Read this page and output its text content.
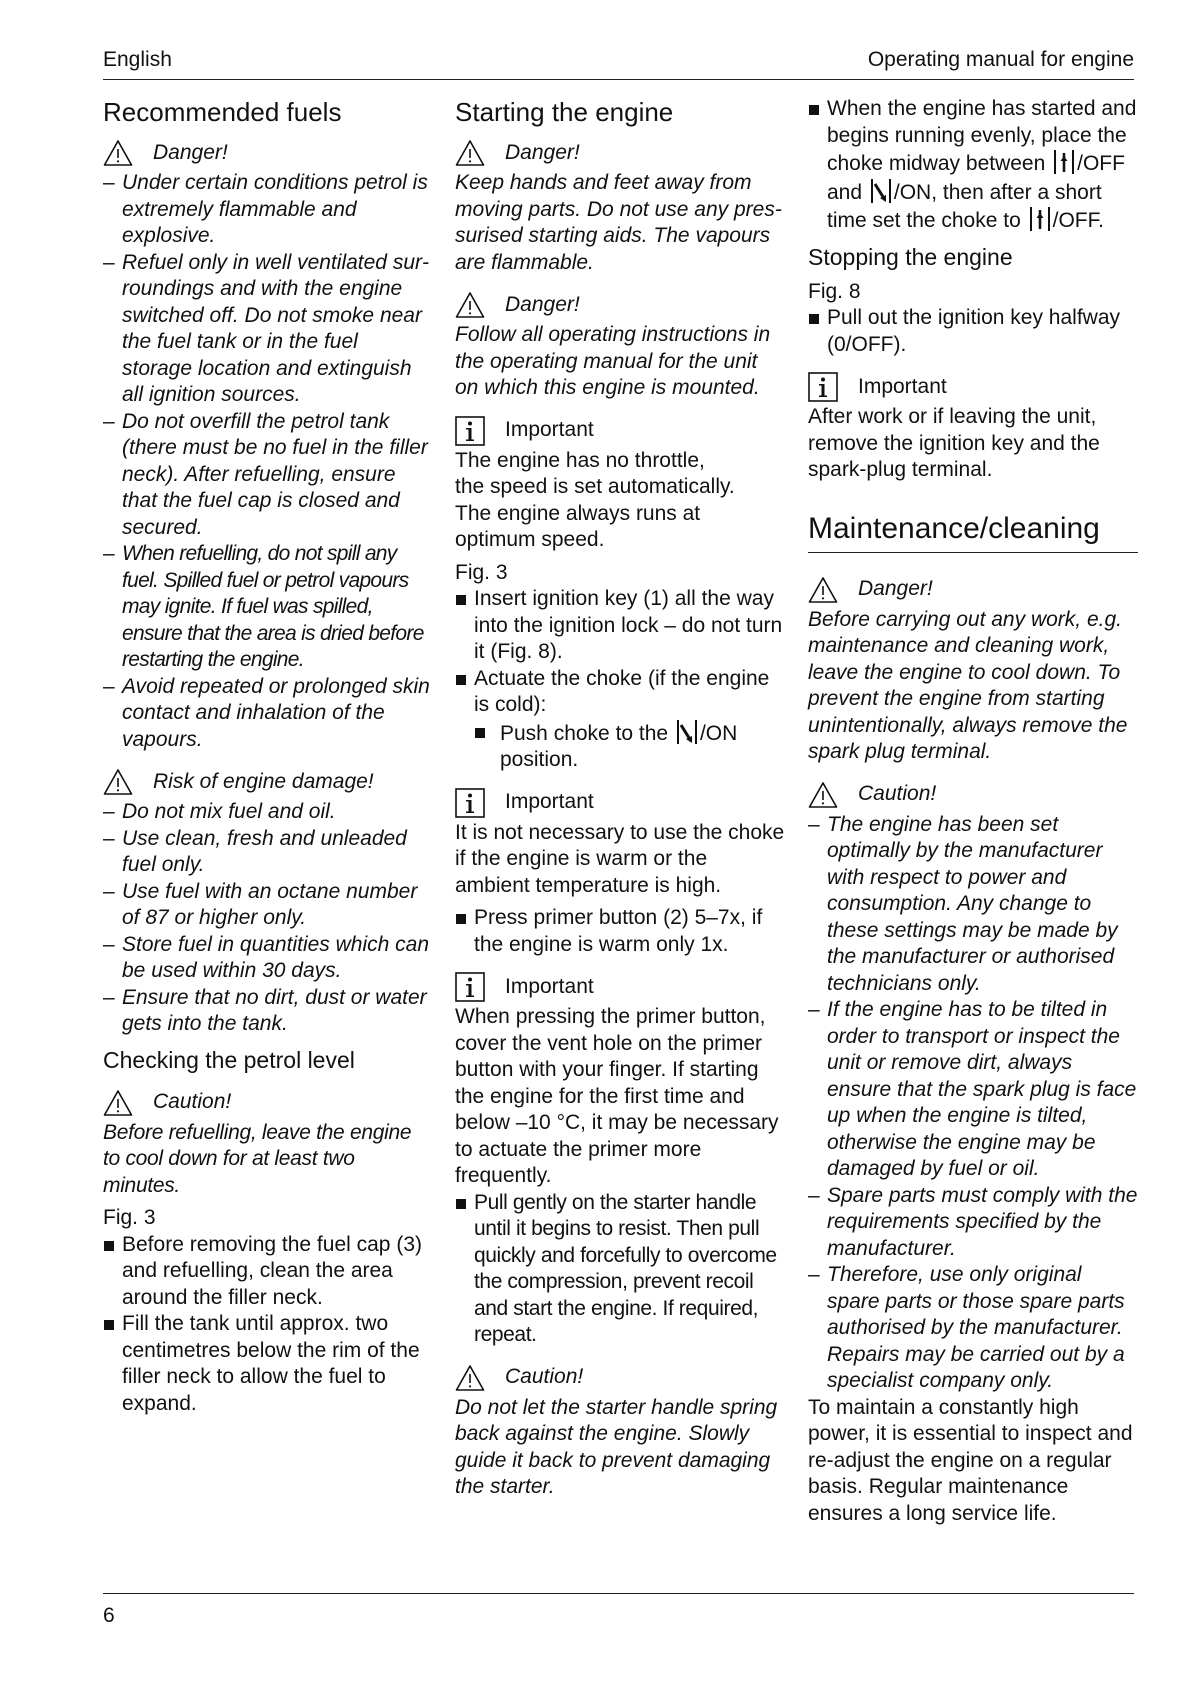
English	Operating manual for engine
Recommended fuels
Danger!
– Under certain conditions petrol is extremely flammable and explosive.
– Refuel only in well ventilated surroundings and with the engine switched off. Do not smoke near the fuel tank or in the fuel storage location and extinguish all ignition sources.
– Do not overfill the petrol tank (there must be no fuel in the filler neck). After refuelling, ensure that the fuel cap is closed and secured.
– When refuelling, do not spill any fuel. Spilled fuel or petrol vapours may ignite. If fuel was spilled, ensure that the area is dried before restarting the engine.
– Avoid repeated or prolonged skin contact and inhalation of the vapours.
Risk of engine damage!
– Do not mix fuel and oil.
– Use clean, fresh and unleaded fuel only.
– Use fuel with an octane number of 87 or higher only.
– Store fuel in quantities which can be used within 30 days.
– Ensure that no dirt, dust or water gets into the tank.
Checking the petrol level
Caution!

Before refuelling, leave the engine to cool down for at least two minutes.

Fig. 3

Before removing the fuel cap (3) and refuelling, clean the area around the filler neck.
Fill the tank until approx. two centimetres below the rim of the filler neck to allow the fuel to expand.
Starting the engine
Danger!

Keep hands and feet away from moving parts. Do not use any pressurised starting aids. The vapours are flammable.

Danger!

Follow all operating instructions in the operating manual for the unit on which this engine is mounted.

Important

The engine has no throttle,
the speed is set automatically.
The engine always runs at optimum speed.

Fig. 3

Insert ignition key (1) all the way into the ignition lock – do not turn it (Fig. 8).
Actuate the choke (if the engine is cold):
Push choke to the /ON position.
Important

It is not necessary to use the choke if the engine is warm or the ambient temperature is high.

Press primer button (2) 5–7x, if the engine is warm only 1x.
Important

When pressing the primer button, cover the vent hole on the primer button with your finger. If starting the engine for the first time and below –10 °C, it may be necessary to actuate the primer more frequently.

Pull gently on the starter handle until it begins to resist. Then pull quickly and forcefully to overcome the compression, prevent recoil and start the engine. If required, repeat.
Caution!

Do not let the starter handle spring back against the engine. Slowly guide it back to prevent damaging the starter.

When the engine has started and begins running evenly, place the choke midway between /OFF and /ON, then after a short time set the choke to /OFF.
Stopping the engine

Fig. 8

Pull out the ignition key halfway (0/OFF).
Important

After work or if leaving the unit, remove the ignition key and the spark-plug terminal.

Maintenance/cleaning
Danger!

Before carrying out any work, e.g. maintenance and cleaning work, leave the engine to cool down. To prevent the engine from starting unintentionally, always remove the spark plug terminal.

Caution!
– The engine has been set optimally by the manufacturer with respect to power and consumption. Any change to these settings may be made by the manufacturer or authorised technicians only.
– If the engine has to be tilted in order to transport or inspect the unit or remove dirt, always ensure that the spark plug is face up when the engine is tilted, otherwise the engine may be damaged by fuel or oil.
– Spare parts must comply with the requirements specified by the manufacturer.
– Therefore, use only original spare parts or those spare parts authorised by the manufacturer. Repairs may be carried out by a specialist company only.

To maintain a constantly high power, it is essential to inspect and re-adjust the engine on a regular basis. Regular maintenance ensures a long service life.

6
